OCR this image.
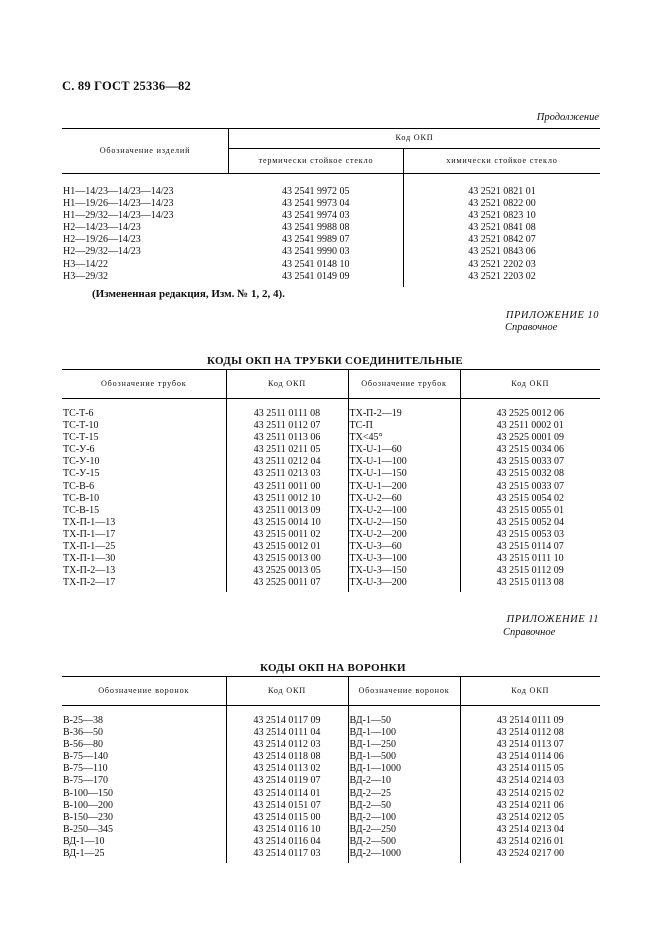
С. 89 ГОСТ 25336—82
Продолжение
Обозначение изделий	Код ОКП	
	термически стойкое стекло	химически стойкое стекло
Н1—14/23—14/23—14/23	43 2541 9972 05	43 2521 0821 01
Н1—19/26—14/23—14/23	43 2541 9973 04	43 2521 0822 00
Н1—29/32—14/23—14/23	43 2541 9974 03	43 2521 0823 10
Н2—14/23—14/23	43 2541 9988 08	43 2521 0841 08
Н2—19/26—14/23	43 2541 9989 07	43 2521 0842 07
Н2—29/32—14/23	43 2541 9990 03	43 2521 0843 06
Н3—14/22	43 2541 0148 10	43 2521 2202 03
Н3—29/32	43 2541 0149 09	43 2521 2203 02
(Измененная редакция, Изм. № 1, 2, 4).
ПРИЛОЖЕНИЕ 10
Справочное
КОДЫ ОКП НА ТРУБКИ СОЕДИНИТЕЛЬНЫЕ
Обозначение трубок	Код ОКП	Обозначение трубок	Код ОКП
ТС-Т-6	43 2511 0111 08	ТХ-П-2—19	43 2525 0012 06
ТС-Т-10	43 2511 0112 07	ТС-П	43 2511 0002 01
ТС-Т-15	43 2511 0113 06	ТХ<45°	43 2525 0001 09
ТС-У-6	43 2511 0211 05	ТХ-U-1—60	43 2515 0034 06
ТС-У-10	43 2511 0212 04	ТХ-U-1—100	43 2515 0033 07
ТС-У-15	43 2511 0213 03	ТХ-U-1—150	43 2515 0032 08
ТС-В-6	43 2511 0011 00	ТХ-U-1—200	43 2515 0033 07
ТС-В-10	43 2511 0012 10	ТХ-U-2—60	43 2515 0054 02
ТС-В-15	43 2511 0013 09	ТХ-U-2—100	43 2515 0055 01
ТХ-П-1—13	43 2515 0014 10	ТХ-U-2—150	43 2515 0052 04
ТХ-П-1—17	43 2515 0011 02	ТХ-U-2—200	43 2515 0053 03
ТХ-П-1—25	43 2515 0012 01	ТХ-U-3—60	43 2515 0114 07
ТХ-П-1—30	43 2515 0013 00	ТХ-U-3—100	43 2515 0111 10
ТХ-П-2—13	43 2525 0013 05	ТХ-U-3—150	43 2515 0112 09
ТХ-П-2—17	43 2525 0011 07	ТХ-U-3—200	43 2515 0113 08
ПРИЛОЖЕНИЕ 11
Справочное
КОДЫ ОКП НА ВОРОНКИ
Обозначение воронок	Код ОКП	Обозначение воронок	Код ОКП
В-25—38	43 2514 0117 09	ВД-1—50	43 2514 0111 09
В-36—50	43 2514 0111 04	ВД-1—100	43 2514 0112 08
В-56—80	43 2514 0112 03	ВД-1—250	43 2514 0113 07
В-75—140	43 2514 0118 08	ВД-1—500	43 2514 0114 06
В-75—110	43 2514 0113 02	ВД-1—1000	43 2514 0115 05
В-75—170	43 2514 0119 07	ВД-2—10	43 2514 0214 03
В-100—150	43 2514 0114 01	ВД-2—25	43 2514 0215 02
В-100—200	43 2514 0151 07	ВД-2—50	43 2514 0211 06
В-150—230	43 2514 0115 00	ВД-2—100	43 2514 0212 05
В-250—345	43 2514 0116 10	ВД-2—250	43 2514 0213 04
ВД-1—10	43 2514 0116 04	ВД-2—500	43 2514 0216 01
ВД-1—25	43 2514 0117 03	ВД-2—1000	43 2524 0217 00
